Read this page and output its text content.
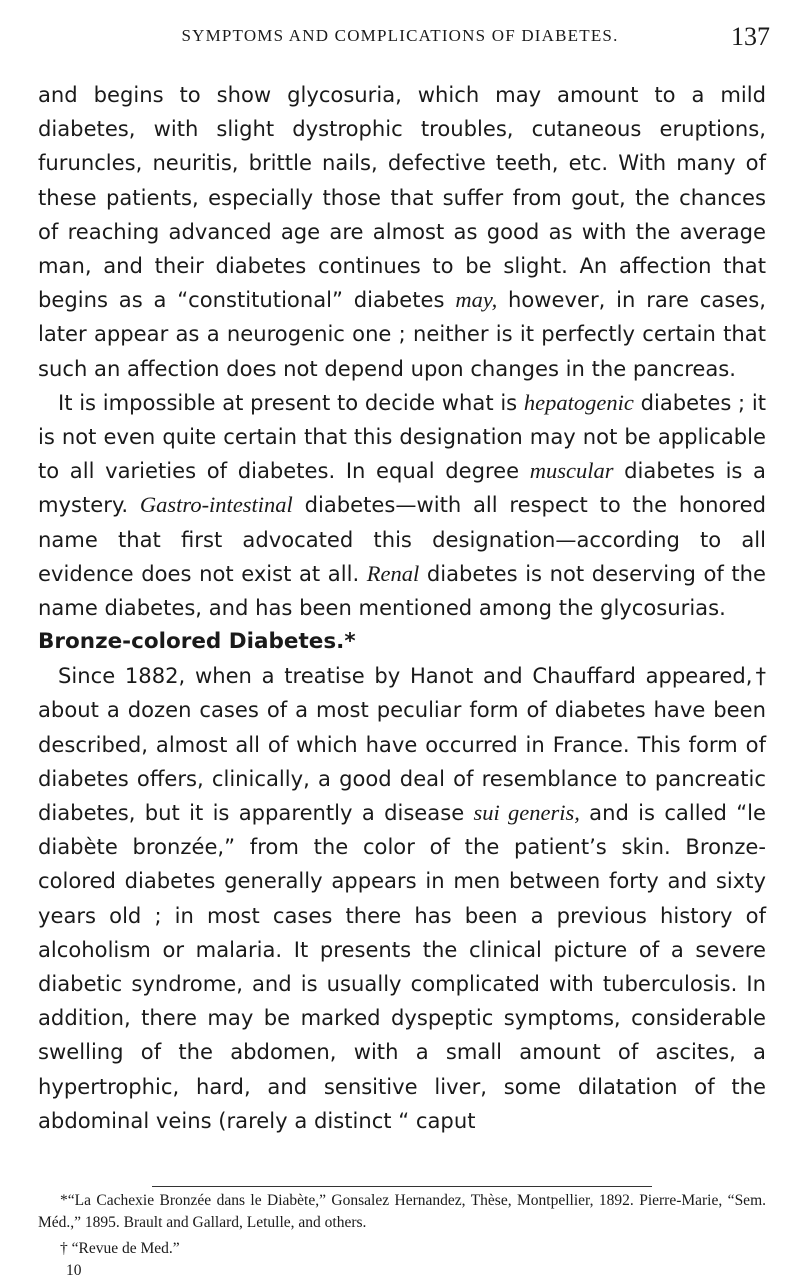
SYMPTOMS AND COMPLICATIONS OF DIABETES.	137

and begins to show glycosuria, which may amount to a mild diabetes, with slight dystrophic troubles, cutaneous eruptions, furuncles, neuritis, brittle nails, defective teeth, etc. With many of these patients, especially those that suffer from gout, the chances of reaching advanced age are almost as good as with the average man, and their diabetes continues to be slight. An affection that begins as a “constitutional” diabetes may, however, in rare cases, later appear as a neurogenic one ; neither is it perfectly certain that such an affection does not depend upon changes in the pancreas.

It is impossible at present to decide what is hepatogenic diabetes ; it is not even quite certain that this designation may not be applicable to all varieties of diabetes. In equal degree muscular diabetes is a mystery. Gastro-intestinal diabetes—with all respect to the honored name that first advocated this designation—according to all evidence does not exist at all. Renal diabetes is not deserving of the name diabetes, and has been mentioned among the glycosurias.

Bronze-colored Diabetes.*

Since 1882, when a treatise by Hanot and Chauffard appeared,† about a dozen cases of a most peculiar form of diabetes have been described, almost all of which have occurred in France. This form of diabetes offers, clinically, a good deal of resemblance to pancreatic diabetes, but it is apparently a disease sui generis, and is called “le diabète bronzée,” from the color of the patient’s skin. Bronze-colored diabetes generally appears in men between forty and sixty years old ; in most cases there has been a previous history of alcoholism or malaria. It presents the clinical picture of a severe diabetic syndrome, and is usually complicated with tuberculosis. In addition, there may be marked dyspeptic symptoms, considerable swelling of the abdomen, with a small amount of ascites, a hypertrophic, hard, and sensitive liver, some dilatation of the abdominal veins (rarely a distinct “ caput

*“La Cachexie Bronzée dans le Diabète,” Gonsalez Hernandez, Thèse, Montpellier, 1892. Pierre-Marie, “Sem. Méd.,” 1895. Brault and Gallard, Letulle, and others.

† “Revue de Med.”

10
